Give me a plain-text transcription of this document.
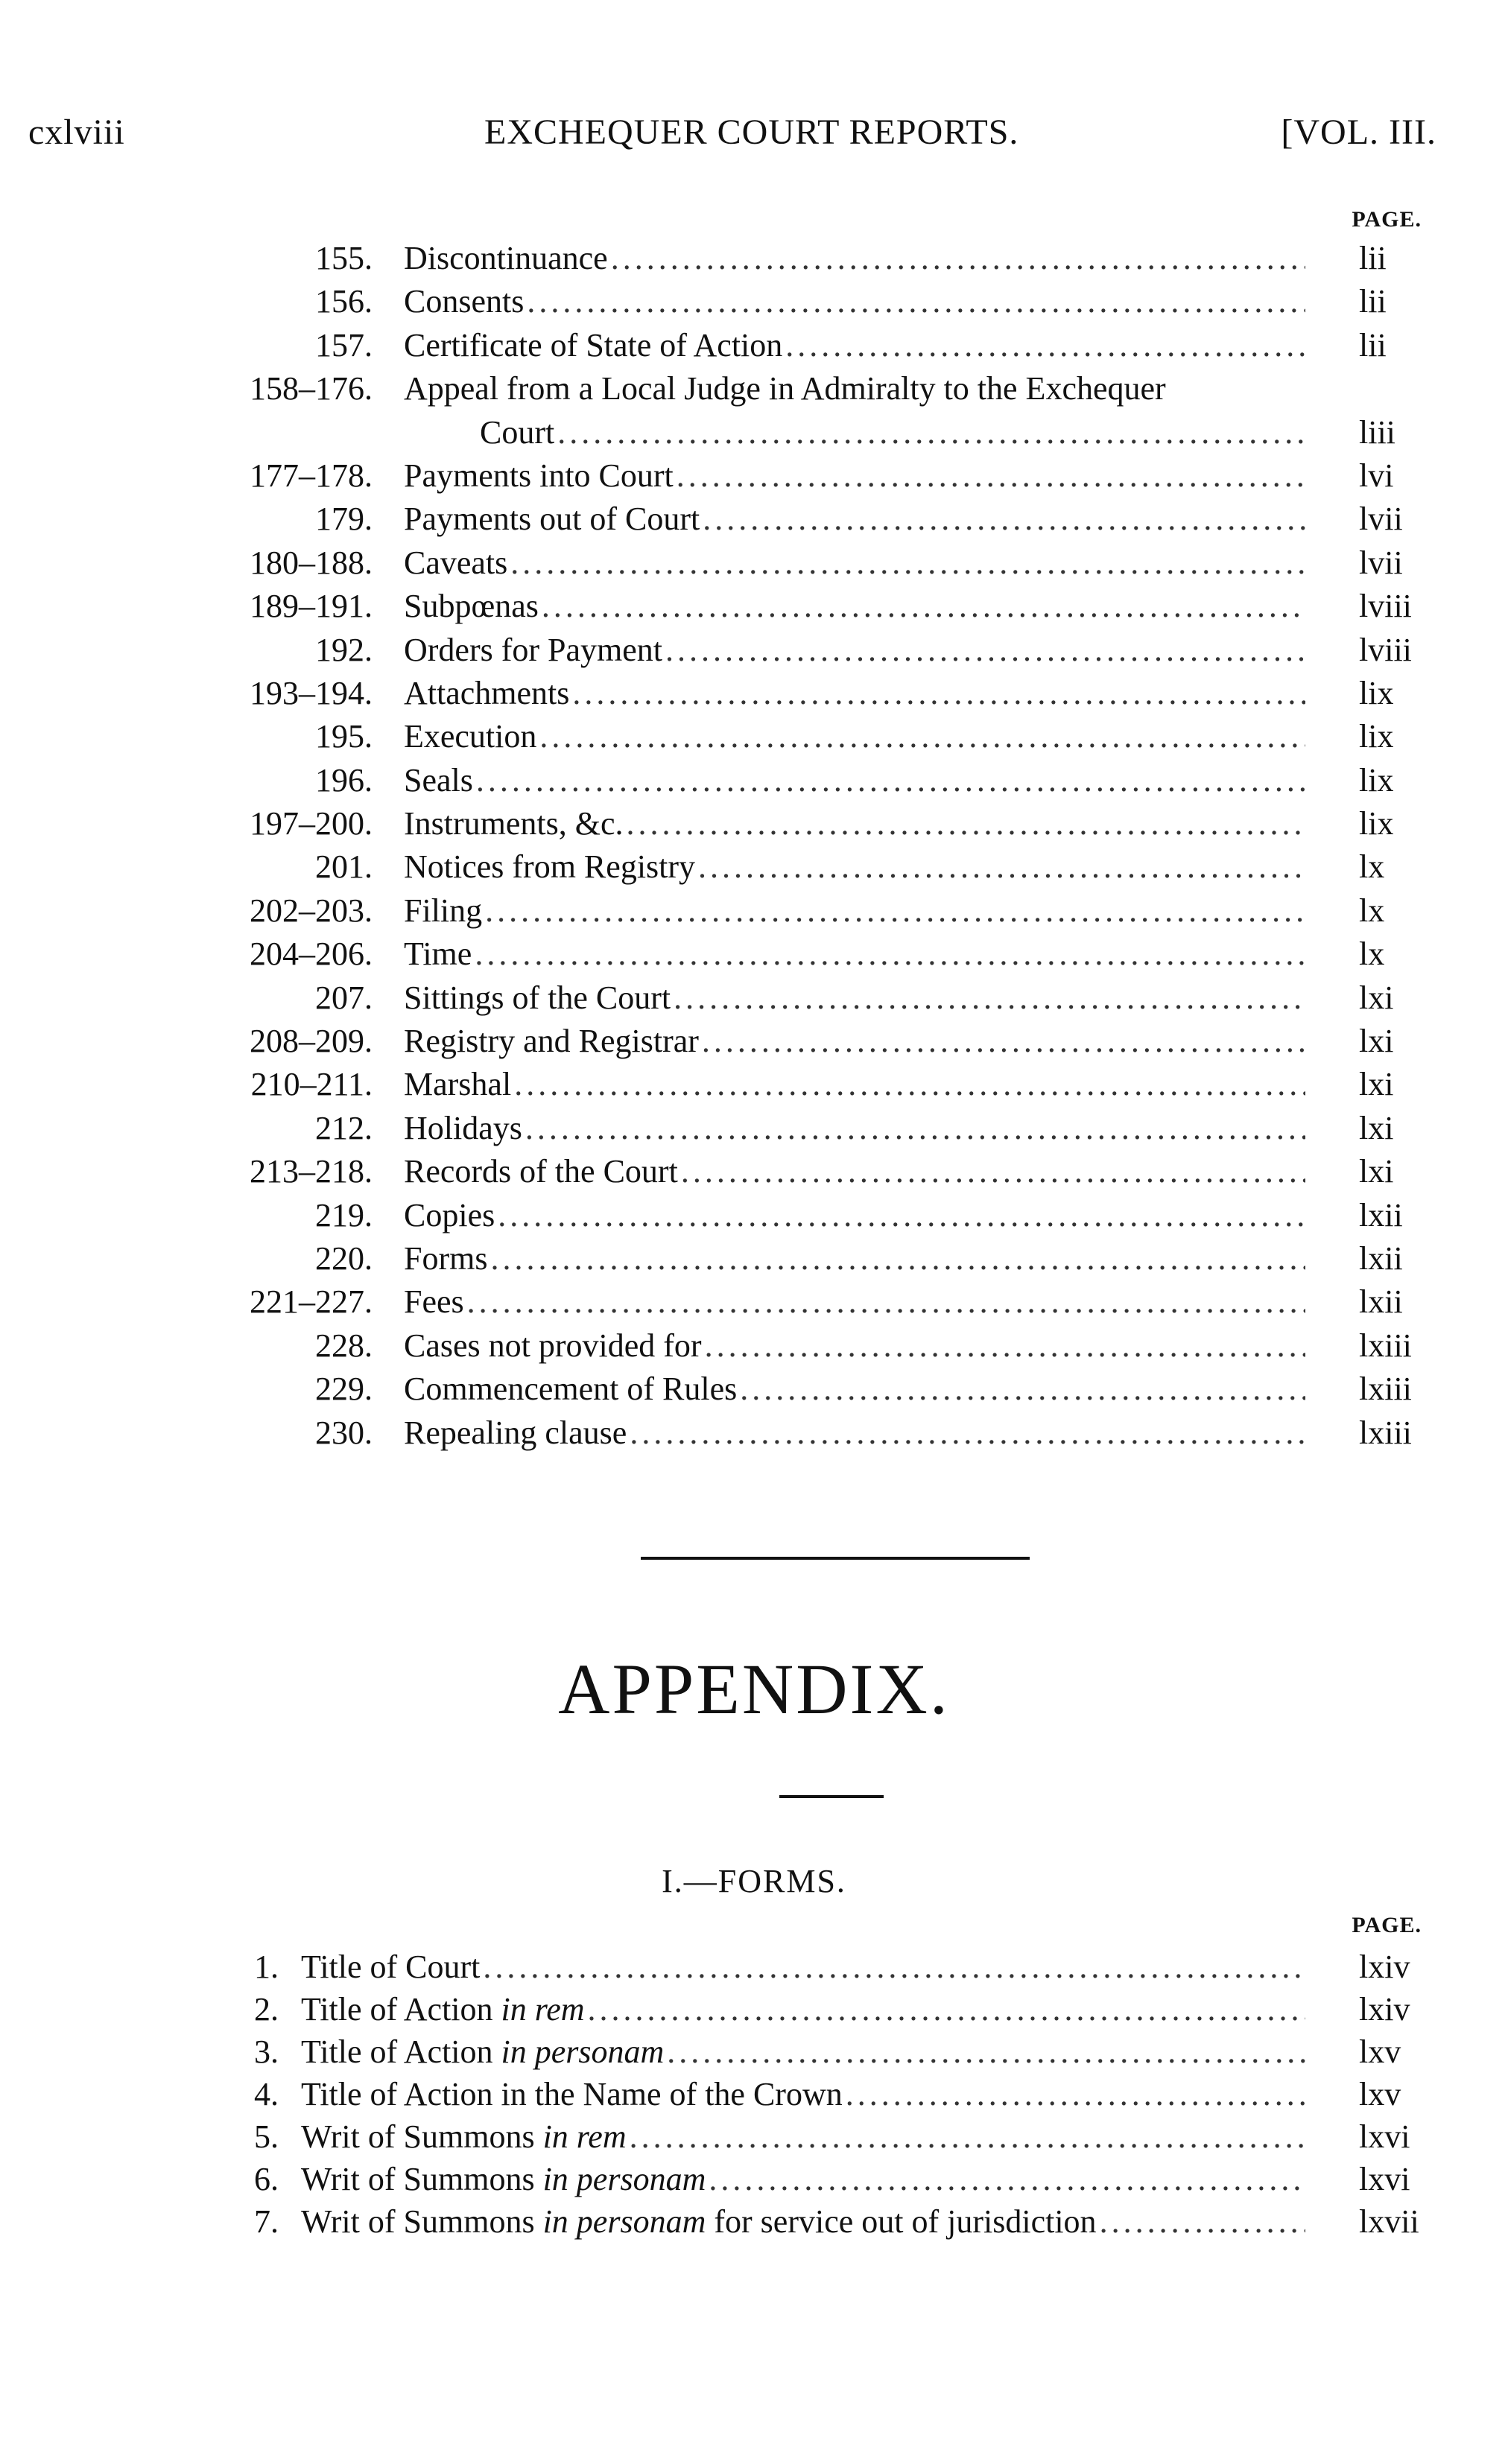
cxlviii	EXCHEQUER COURT REPORTS.	[VOL. III.
PAGE.
155. Discontinuance . . .	lii
156. Consents . . .	lii
157. Certificate of State of Action . . .	lii
158–176. Appeal from a Local Judge in Admiralty to the Exchequer
Court . . .	liii
177–178. Payments into Court . . .	lvi
179. Payments out of Court . . .	lvii
180–188. Caveats . . .	lvii
189–191. Subpœnas . . .	lviii
192. Orders for Payment . . .	lviii
193–194. Attachments . . .	lix
195. Execution . . .	lix
196. Seals . . .	lix
197–200. Instruments, &c. . . .	lix
201. Notices from Registry . . .	lx
202–203. Filing . . .	lx
204–206. Time . . .	lx
207. Sittings of the Court . . .	lxi
208–209. Registry and Registrar . . .	lxi
210–211. Marshal . . .	lxi
212. Holidays . . .	lxi
213–218. Records of the Court . . .	lxi
219. Copies . . .	lxii
220. Forms . . .	lxii
221–227. Fees . . .	lxii
228. Cases not provided for . . .	lxiii
229. Commencement of Rules . . .	lxiii
230. Repealing clause . . .	lxiii
APPENDIX.
I.—FORMS.
PAGE.
1. Title of Court . . .	lxiv
2. Title of Action in rem . . .	lxiv
3. Title of Action in personam . . .	lxv
4. Title of Action in the Name of the Crown . . .	lxv
5. Writ of Summons in rem . . .	lxvi
6. Writ of Summons in personam . . .	lxvi
7. Writ of Summons in personam for service out of jurisdiction . . .	lxvii
